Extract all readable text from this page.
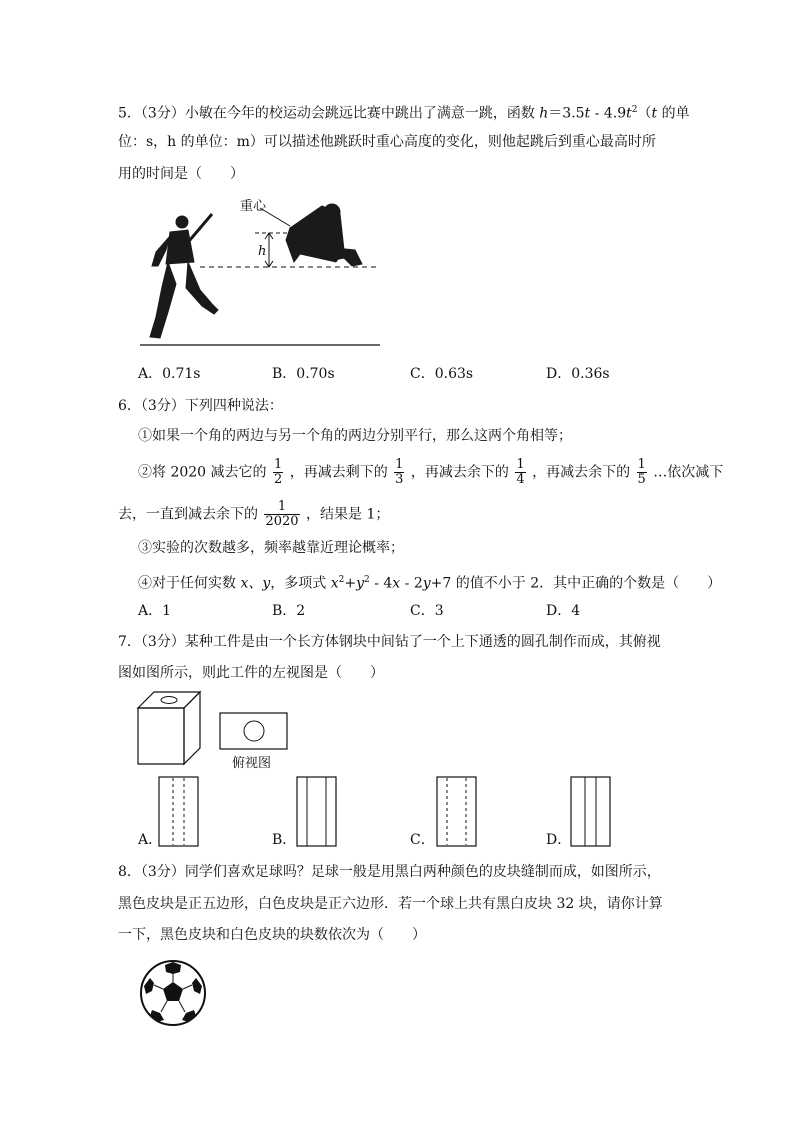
5．（3分）小敏在今年的校运动会跳远比赛中跳出了满意一跳，函数 $h=3.5t - 4.9t^2(t$ 的单
位：s，h 的单位：m）可以描述他跳跃时重心高度的变化，则他起跳后到重心最高时所
用的时间是（　　）
重心
h
A．0.71s	B．0.70s	C．0.63s	D．0.36s
6．（3分）下列四种说法：
①如果一个角的两边与另一个角的两边分别平行，那么这两个角相等；
②将 2020 减去它的 $\frac{1}{2}$ ，再减去剩下的 $\frac{1}{3}$ ，再减去余下的 $\frac{1}{4}$ ，再减去余下的 $\frac{1}{5}$ …依次减下
去，一直到减去余下的 $\frac{1}{2020}$ ，结果是 1；
③实验的次数越多，频率越靠近理论概率；
④对于任何实数 x、y，多项式 $x^2+y^2 - 4x - 2y+7$ 的值不小于 2．其中正确的个数是（　　）
A．1	B．2	C．3	D．4
7．（3分）某种工件是由一个长方体钢块中间钻了一个上下通透的圆孔制作而成，其俯视
图如图所示，则此工件的左视图是（　　）
俯视图
A．	B．	C．	D．
8．（3分）同学们喜欢足球吗？足球一般是用黑白两种颜色的皮块缝制而成，如图所示，
黑色皮块是正五边形，白色皮块是正六边形．若一个球上共有黑白皮块 32 块，请你计算
一下，黑色皮块和白色皮块的块数依次为（　　）
